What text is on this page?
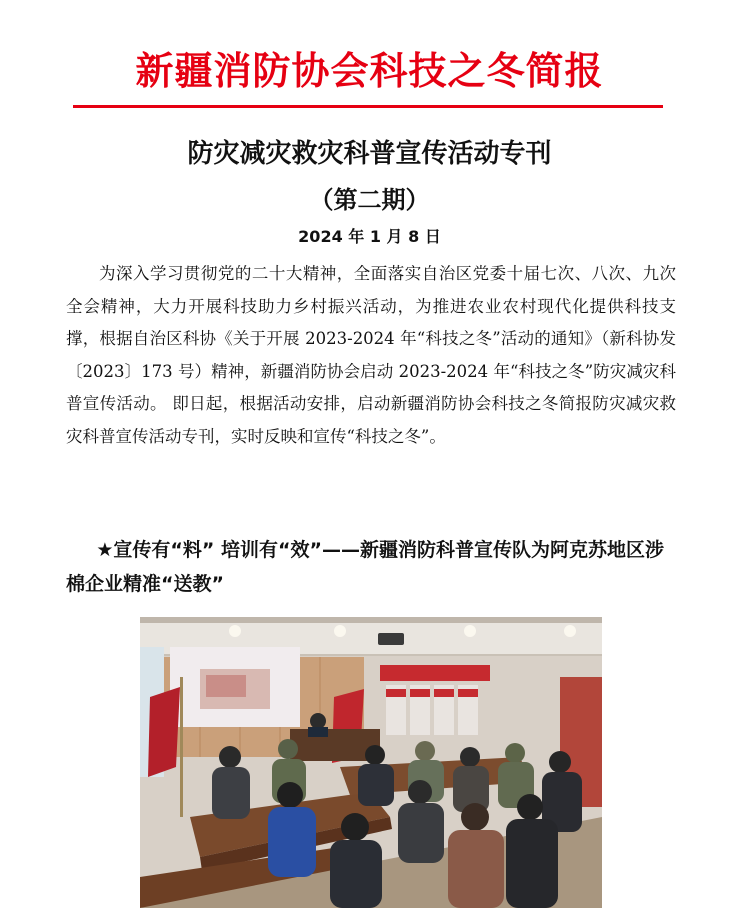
新疆消防协会科技之冬简报
防灾减灾救灾科普宣传活动专刊
（第二期）
2024 年 1 月 8 日

为深入学习贯彻党的二十大精神，全面落实自治区党委十届七次、八次、九次全会精神，大力开展科技助力乡村振兴活动，为推进农业农村现代化提供科技支撑，根据自治区科协《关于开展 2023-2024 年“科技之冬”活动的通知》（新科协发〔2023〕173 号）精神，新疆消防协会启动 2023-2024 年“科技之冬”防灾减灾科普宣传活动。 即日起，根据活动安排，启动新疆消防协会科技之冬简报防灾减灾救灾科普宣传活动专刊，实时反映和宣传“科技之冬”。

★宣传有“料” 培训有“效”——新疆消防科普宣传队为阿克苏地区涉棉企业精准“送教”
